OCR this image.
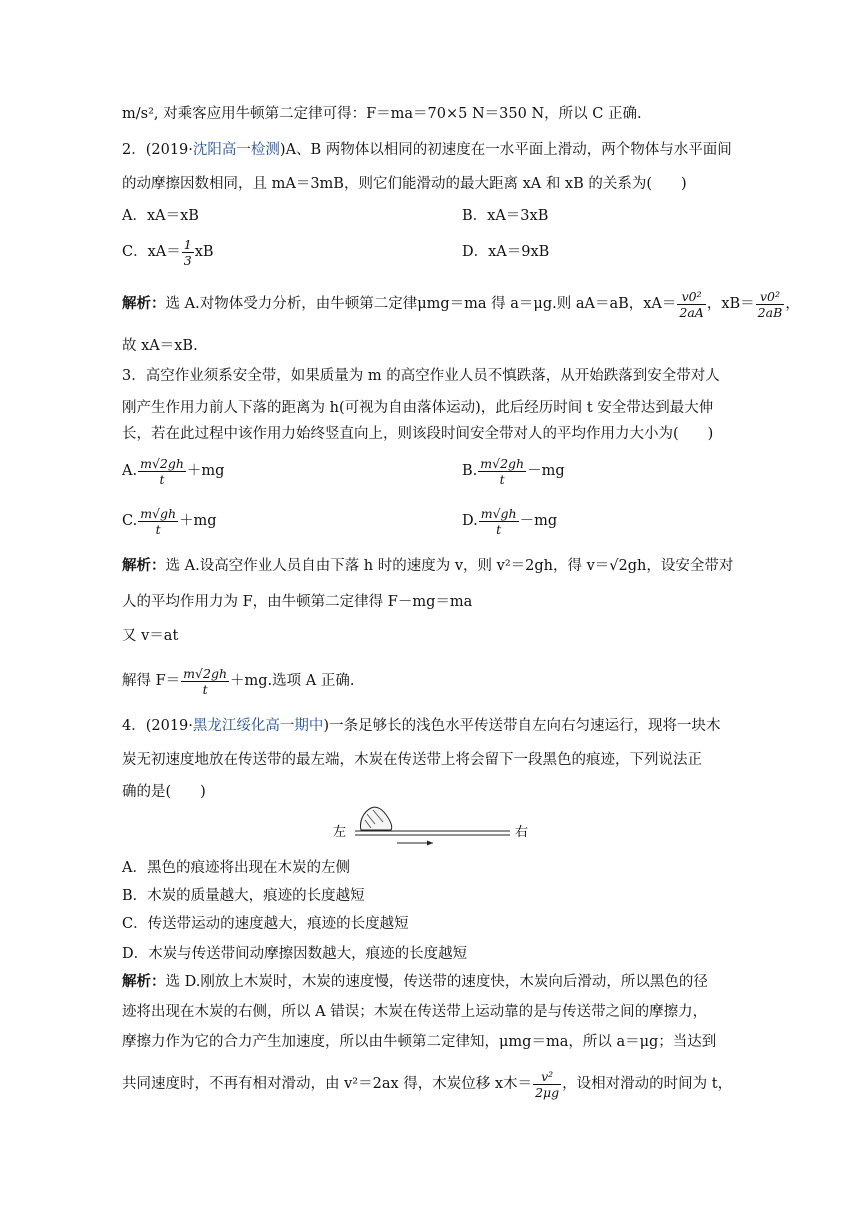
m/s², 对乘客应用牛顿第二定律可得：F＝ma＝70×5 N＝350 N，所以 C 正确.
2．(2019·沈阳高一检测)A、B 两物体以相同的初速度在一水平面上滑动，两个物体与水平面间
的动摩擦因数相同，且 mA＝3mB，则它们能滑动的最大距离 xA 和 xB 的关系为(　　)
A．xA＝xB	B．xA＝3xB
C．$xA= \frac{1}{3}$ xB	D．xA＝9xB
解析：选 A.对物体受力分析，由牛顿第二定律μmg＝ma 得 a＝μg.则 aA＝aB，$xA= \frac{\text{v0²}}{2aA}$ ，$xB= \frac{\text{v0²}}{2aB}$ ，
故 xA＝xB.
3．高空作业须系安全带，如果质量为 m 的高空作业人员不慎跌落，从开始跌落到安全带对人
刚产生作用力前人下落的距离为 h(可视为自由落体运动)，此后经历时间 t 安全带达到最大伸
长，若在此过程中该作用力始终竖直向上，则该段时间安全带对人的平均作用力大小为(　　)
A. $\frac{m√2gh}{t} +mg$	B. $\frac{m√2gh}{t} -mg$
C. $\frac{m√gh}{t} +mg$	D. $\frac{m√gh}{t} -mg$
解析：选 A.设高空作业人员自由下落 h 时的速度为 v，则 v²＝2gh，得 v＝√2gh，设安全带对
人的平均作用力为 F，由牛顿第二定律得 F－mg＝ma
又 v＝at
解得 $F= \frac{m√2gh}{t} +mg$.选项 A 正确.
4．(2019·黑龙江绥化高一期中)一条足够长的浅色水平传送带自左向右匀速运行，现将一块木
炭无初速度地放在传送带的最左端，木炭在传送带上将会留下一段黑色的痕迹，下列说法正
确的是(　　)
左	右
A．黑色的痕迹将出现在木炭的左侧
B．木炭的质量越大，痕迹的长度越短
C．传送带运动的速度越大，痕迹的长度越短
D．木炭与传送带间动摩擦因数越大，痕迹的长度越短
解析：选 D.刚放上木炭时，木炭的速度慢，传送带的速度快，木炭向后滑动，所以黑色的径
迹将出现在木炭的右侧，所以 A 错误；木炭在传送带上运动靠的是与传送带之间的摩擦力，
摩擦力作为它的合力产生加速度，所以由牛顿第二定律知，μmg＝ma，所以 a＝μg；当达到
共同速度时，不再有相对滑动，由 v²＝2ax 得，木炭位移 x木＝ $\frac{\text{v²}}{2\mu g}$ ，设相对滑动的时间为 t，
